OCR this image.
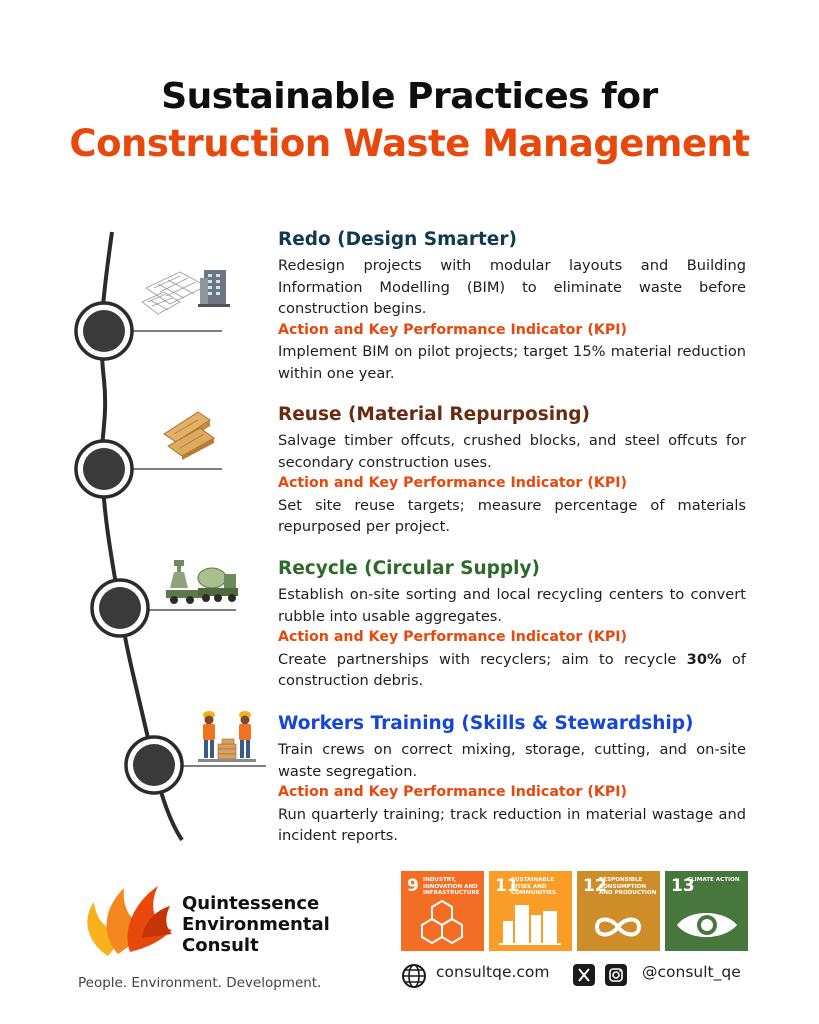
Sustainable Practices for
Construction Waste Management
Redo (Design Smarter)
Redesign projects with modular layouts and Building Information Modelling (BIM) to eliminate waste before construction begins.
Action and Key Performance Indicator (KPI)
Implement BIM on pilot projects; target 15% material reduction within one year.
Reuse (Material Repurposing)
Salvage timber offcuts, crushed blocks, and steel offcuts for secondary construction uses.
Action and Key Performance Indicator (KPI)
Set site reuse targets; measure percentage of materials repurposed per project.
Recycle (Circular Supply)
Establish on-site sorting and local recycling centers to convert rubble into usable aggregates.
Action and Key Performance Indicator (KPI)
Create partnerships with recyclers; aim to recycle 30% of construction debris.
Workers Training (Skills & Stewardship)
Train crews on correct mixing, storage, cutting, and on-site waste segregation.
Action and Key Performance Indicator (KPI)
Run quarterly training; track reduction in material wastage and incident reports.
Quintessence
Environmental
Consult
People. Environment. Development.
9 INDUSTRY, INNOVATION AND INFRASTRUCTURE 11
SUSTAINABLE CITIES AND COMMUNITIES	12
RESPONSIBLE CONSUMPTION AND PRODUCTION 13
CLIMATE ACTION
consultqe.com	@consult_qe
